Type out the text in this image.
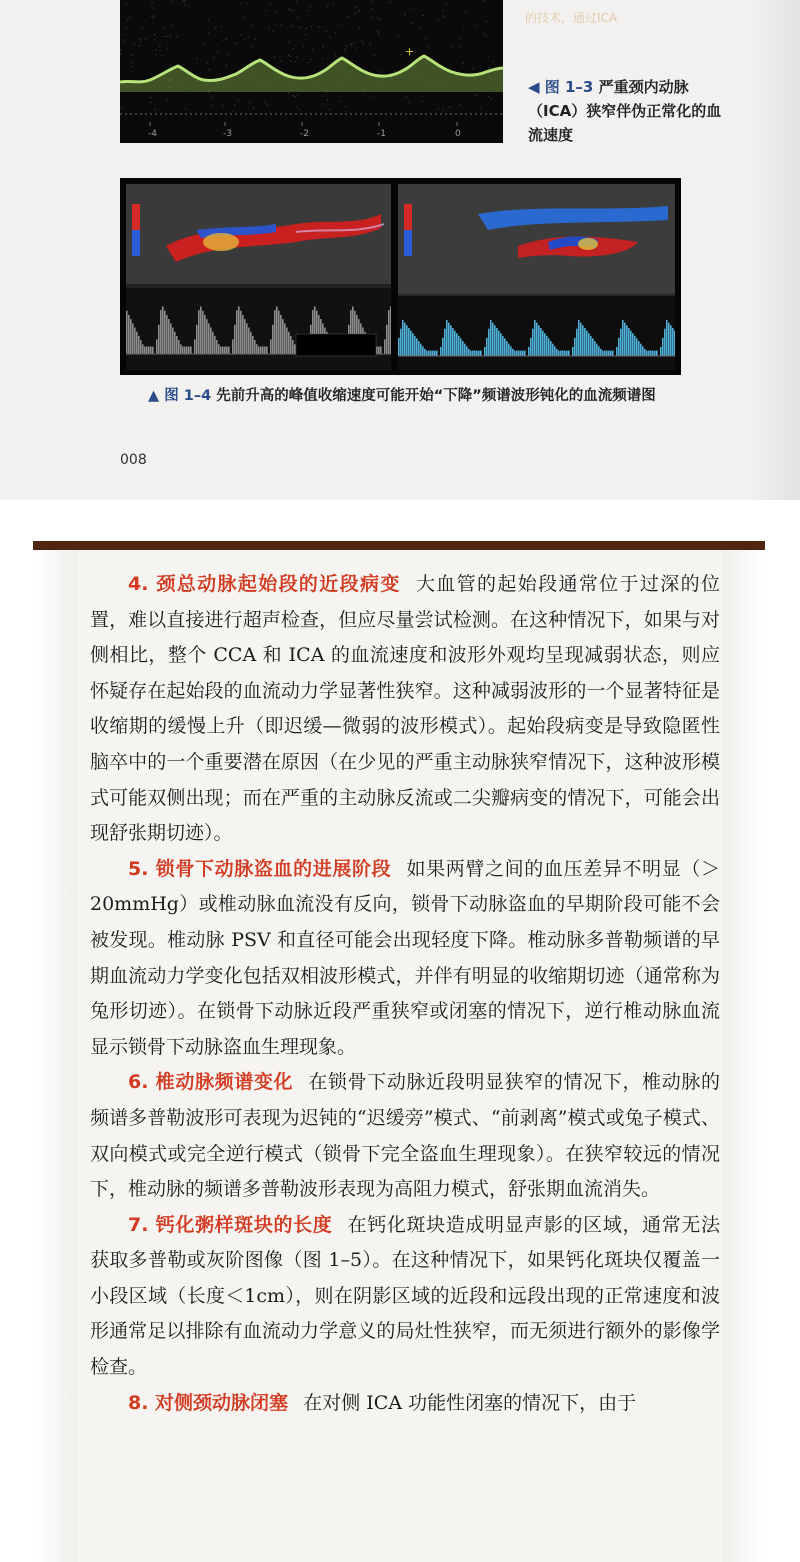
的技术，通过ICA
+
-4	-3	-2	-1	0
◀ 图 1–3 严重颈内动脉（ICA）狭窄伴伪正常化的血流速度
▲ 图 1–4 先前升高的峰值收缩速度可能开始“下降”频谱波形钝化的血流频谱图
008

4. 颈总动脉起始段的近段病变 大血管的起始段通常位于过深的位置，难以直接进行超声检查，但应尽量尝试检测。在这种情况下，如果与对侧相比，整个 CCA 和 ICA 的血流速度和波形外观均呈现减弱状态，则应怀疑存在起始段的血流动力学显著性狭窄。这种减弱波形的一个显著特征是收缩期的缓慢上升（即迟缓—微弱的波形模式）。起始段病变是导致隐匿性脑卒中的一个重要潜在原因（在少见的严重主动脉狭窄情况下，这种波形模式可能双侧出现；而在严重的主动脉反流或二尖瓣病变的情况下，可能会出现舒张期切迹）。

5. 锁骨下动脉盗血的进展阶段 如果两臂之间的血压差异不明显（＞20mmHg）或椎动脉血流没有反向，锁骨下动脉盗血的早期阶段可能不会被发现。椎动脉 PSV 和直径可能会出现轻度下降。椎动脉多普勒频谱的早期血流动力学变化包括双相波形模式，并伴有明显的收缩期切迹（通常称为兔形切迹）。在锁骨下动脉近段严重狭窄或闭塞的情况下，逆行椎动脉血流显示锁骨下动脉盗血生理现象。

6. 椎动脉频谱变化 在锁骨下动脉近段明显狭窄的情况下，椎动脉的频谱多普勒波形可表现为迟钝的“迟缓旁”模式、“前剥离”模式或兔子模式、双向模式或完全逆行模式（锁骨下完全盗血生理现象）。在狭窄较远的情况下，椎动脉的频谱多普勒波形表现为高阻力模式，舒张期血流消失。

7. 钙化粥样斑块的长度 在钙化斑块造成明显声影的区域，通常无法获取多普勒或灰阶图像（图 1–5）。在这种情况下，如果钙化斑块仅覆盖一小段区域（长度＜1cm），则在阴影区域的近段和远段出现的正常速度和波形通常足以排除有血流动力学意义的局灶性狭窄，而无须进行额外的影像学检查。

8. 对侧颈动脉闭塞 在对侧 ICA 功能性闭塞的情况下，由于
